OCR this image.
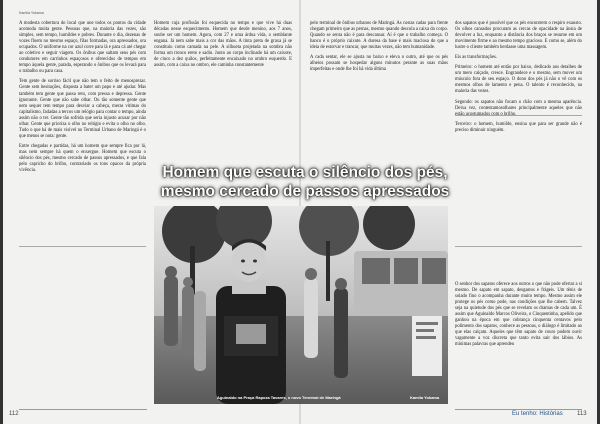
Kamila Yokama

A modesta cobertura do local que une todos os pontos da cidade acomoda muita gente. Pessoas que, na maioria das vezes, são simples, sem tempo, humildes e pobres. Durante o dia, dezenas de vozes fluem no mesmo espaço, filas formadas, ora apressados, ora ocupados. O uniforme na cor azul corre para lá e para cá até chegar ao coletivo e seguir viagem. Os ônibus que saltam seus pés com condutores em carrinhos espaçosos e oferecidos de tempos em tempo àquela gente, parada, esperando o ônibus que os levará para o trabalho ou para casa.

Tem gente de sorriso fácil que não tem o feito de menosprezar. Gente sem hesitações, disposta a bater um papo e até ajudar. Mas também tem gente que passa reto, com pressa e depressa. Gente ignorante. Gente que não sabe olhar. Ou tão somente gente que nem sequer tem tempo para desviar a cabeça, meras vítimas do capitalismo, fadadas a tercos um relógio para contar o tempo, ainda assim não o ter. Gente tão sofrida que seria injusto acusar por não olhar. Gente que prioriza o olho no relógio e evita o olho no olho. Tudo o que há de mais visível no Terminal Urbano de Maringá é o que menos se nota: gente.

Entre chegadas e partidas, há um homem que sempre fica por lá, mas nem sempre há quem o enxergue. Homem que escuta o silêncio dos pés, mesmo cercado de passos apressados, e que fala pelo capricho do brilho, contrariado os tons opacos da própria vivência.

Homem cuja profissão foi esquecida no tempo e que vive há duas décadas nesse esquecimento. Homem que desde menino, aos 7 anos, soube ser um homem. Agora, com 27 e uma árdua vida, o semblante engana. Já nem sabe mais a cor das mãos. A tinta preta de graxa já se constituiu como camada na pele. A silhueta projetada na sombra não forma um tronco ereto e sadio. Junto ao corpo inclinado há um caixote, de cinco a dez quilos, perfeitamente encaixado no ombro esquerdo. E assim, com a caixa no ombro, ele caminha constantemente

pelo terminal de ônibus urbanos de Maringá. As costas cadas para frente chegam primeiro que as pernas, mesmo quando descola a caixa do corpo. Quando se senta não é para descansar. Aí é que o trabalho começa. O banco é o próprio caixote. A duresa da base é mais maciosa do que a ideia de estorvar e trancar, que muitas vezes, não tem humanidade.

A cada sentar, ele se ajusta no baixo e eleva o outro, até que os pés alheios possam se hospedar alguns minutos perante as suas mãos imperfeitas e onde lhe foi há vida última

dos sapatos que é possível que os pés encontrem o respiro exausto. Os olhos cansados procuram as cercas de opacidade na ânsia de devolver a luz, enquanto a distância dos braços se resume em um movimento firme e ao mesmo tempo gracioso. E como se, além do lustre o cliente também herdasse uma massagem.

Eis as transformações.

Primeiro: o homem até então por baixo, dedicado aos detalhes de um mero calçado, cresce. Engrandece e o mesmo, sem mover um músculo fora de seu espaço. O dono dos pés já não o vê com os mesmos olhos de lamento e pena. O talento é reconhecido, na maioria das vezes.

Segundo: os sapatos não focam o chão com a mesma aparência. Deixa vez, contentamosolhares principalmente aqueles que não

Terceiro: o homem, humilde, ensina que para ser grande não é preciso diminuir ninguém.

O senhor dos sapatos oferece aos outros o que não pode ofertar a si mesmo. De sapato em sapato, desgastos e frágeis. Um tênis de solado fino o acompanha durante muito tempo. Mesmo assim ele protege os pés como pode, nas condições que lhe cabem. Talvez seja na quietude dos pés que se revelam os dramas de cada um. É assim que Aguinaldo Marcos Oliveira, o Cinquentinha, apelido que ganhou na época em que cobrança cinquenta centavos pelo polimento dos sapatos, conhece as pessoas, o diálogo é limitado ao que elas calçam. Aqueles que têm sapato de couro podem ouvir vagamente a voz discreta que tanto evita sair dos lábios. As mínimas palavras que aprendeu

Aguinaldo na Praça Rapoza Tavares, o novo Terminal de Maringá	Kamila Yokama
Homem que escuta o silêncio dos pés,
mesmo cercado de passos apressados
112	Eu tenho: Histórias 113
